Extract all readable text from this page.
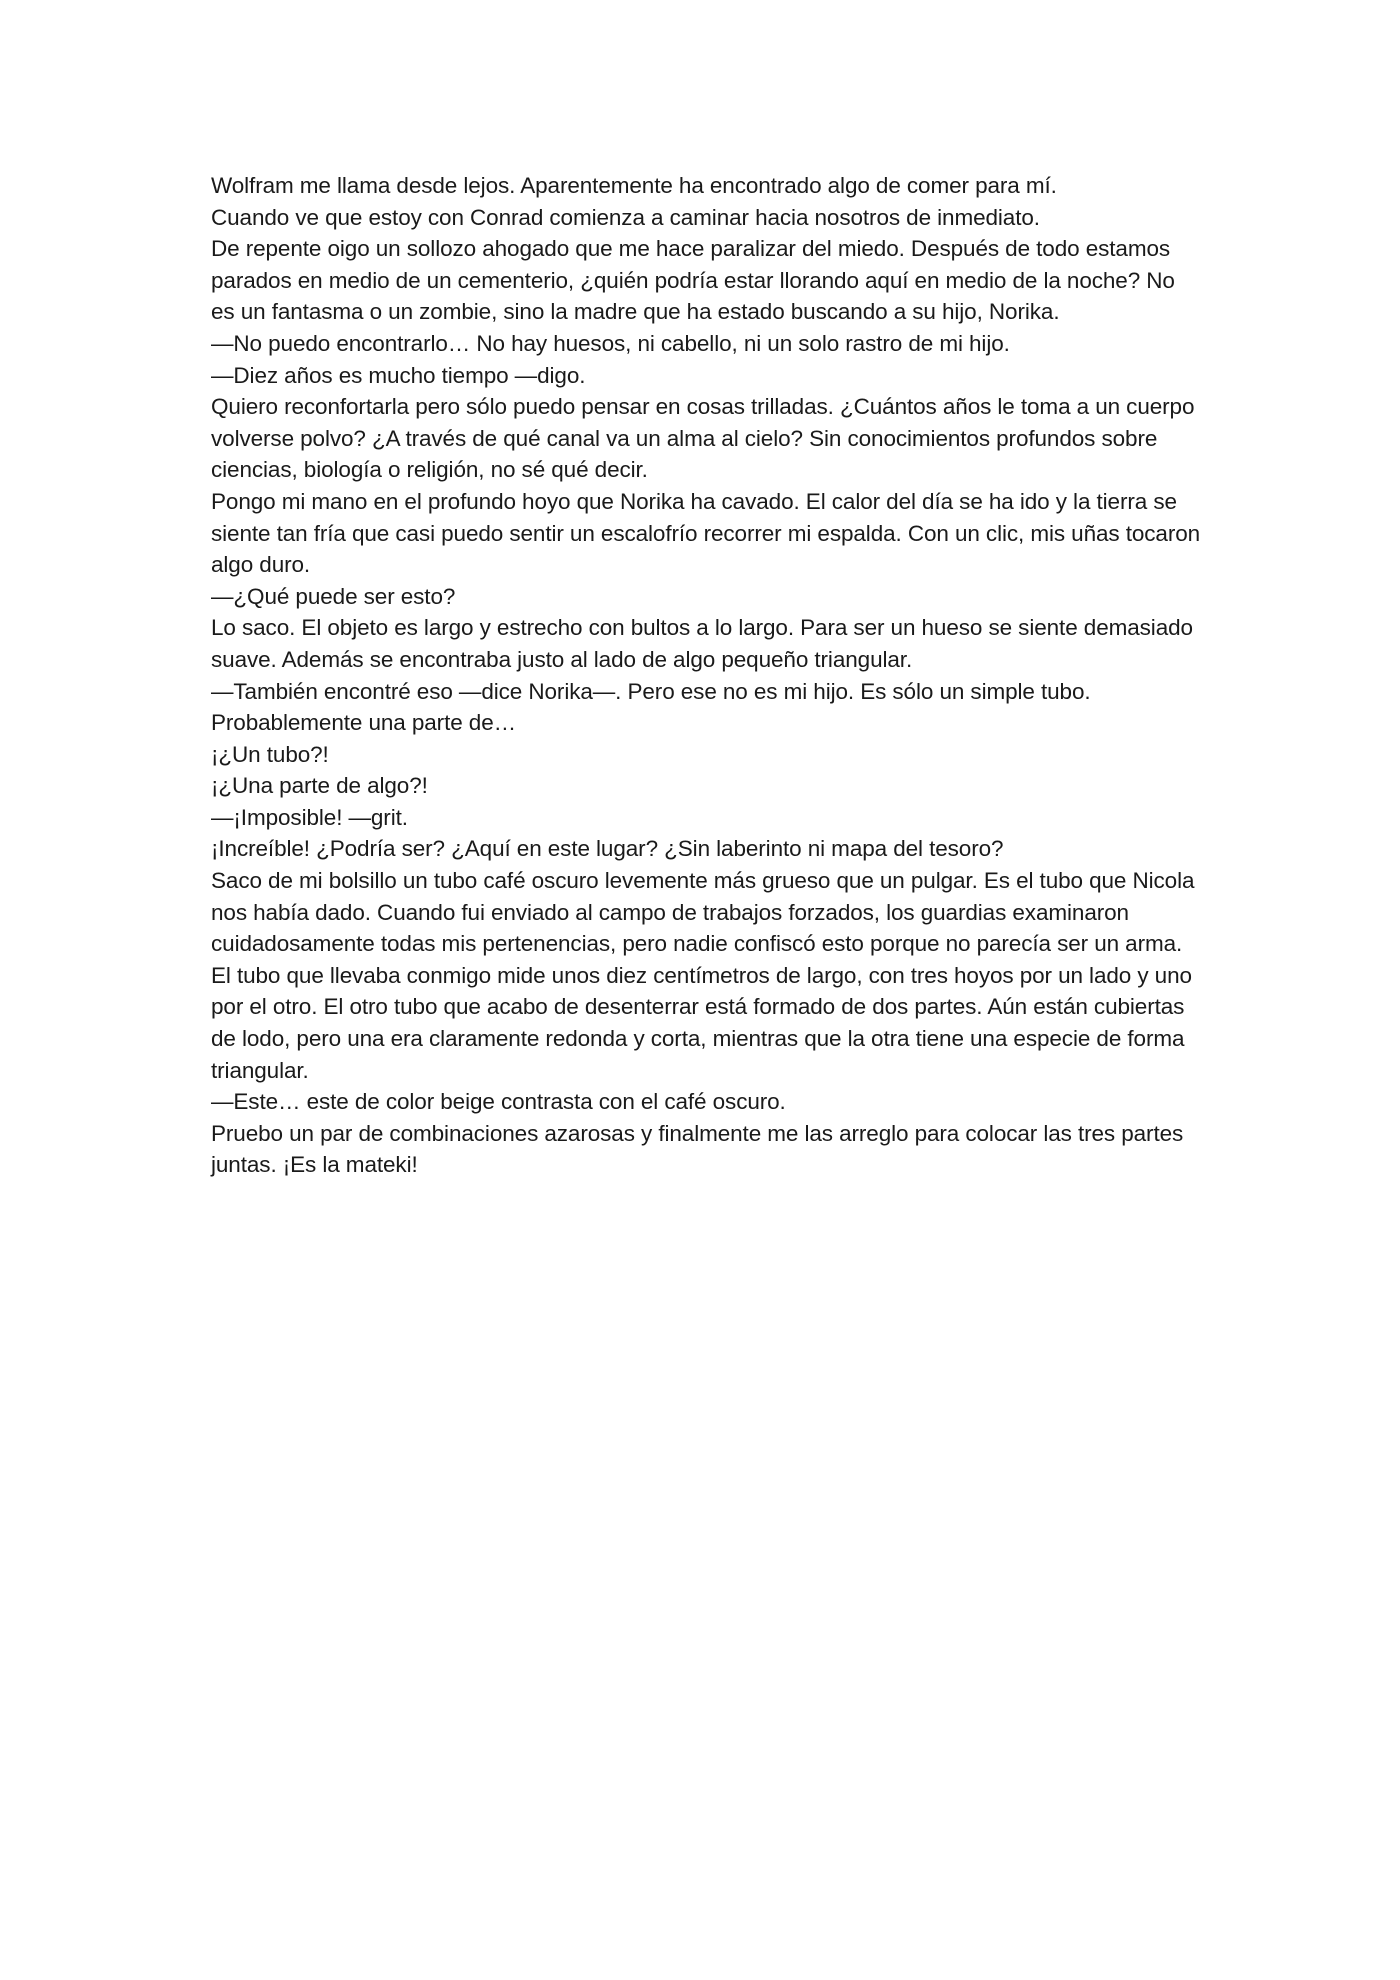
Wolfram me llama desde lejos. Aparentemente ha encontrado algo de comer para mí.

Cuando ve que estoy con Conrad comienza a caminar hacia nosotros de inmediato.

De repente oigo un sollozo ahogado que me hace paralizar del miedo. Después de todo estamos parados en medio de un cementerio, ¿quién podría estar llorando aquí en medio de la noche? No es un fantasma o un zombie, sino la madre que ha estado buscando a su hijo, Norika.

—No puedo encontrarlo… No hay huesos, ni cabello, ni un solo rastro de mi hijo.

—Diez años es mucho tiempo —digo.

Quiero reconfortarla pero sólo puedo pensar en cosas trilladas. ¿Cuántos años le toma a un cuerpo volverse polvo? ¿A través de qué canal va un alma al cielo? Sin conocimientos profundos sobre ciencias, biología o religión, no sé qué decir.

Pongo mi mano en el profundo hoyo que Norika ha cavado. El calor del día se ha ido y la tierra se siente tan fría que casi puedo sentir un escalofrío recorrer mi espalda. Con un clic, mis uñas tocaron algo duro.

—¿Qué puede ser esto?

Lo saco. El objeto es largo y estrecho con bultos a lo largo. Para ser un hueso se siente demasiado suave. Además se encontraba justo al lado de algo pequeño triangular.

—También encontré eso —dice Norika—. Pero ese no es mi hijo. Es sólo un simple tubo. Probablemente una parte de…

¡¿Un tubo?!

¡¿Una parte de algo?!

—¡Imposible! —grit.

¡Increíble! ¿Podría ser? ¿Aquí en este lugar? ¿Sin laberinto ni mapa del tesoro?

Saco de mi bolsillo un tubo café oscuro levemente más grueso que un pulgar. Es el tubo que Nicola nos había dado. Cuando fui enviado al campo de trabajos forzados, los guardias examinaron cuidadosamente todas mis pertenencias, pero nadie confiscó esto porque no parecía ser un arma. El tubo que llevaba conmigo mide unos diez centímetros de largo, con tres hoyos por un lado y uno por el otro. El otro tubo que acabo de desenterrar está formado de dos partes. Aún están cubiertas de lodo, pero una era claramente redonda y corta, mientras que la otra tiene una especie de forma triangular.

—Este… este de color beige contrasta con el café oscuro.

Pruebo un par de combinaciones azarosas y finalmente me las arreglo para colocar las tres partes juntas. ¡Es la mateki!
